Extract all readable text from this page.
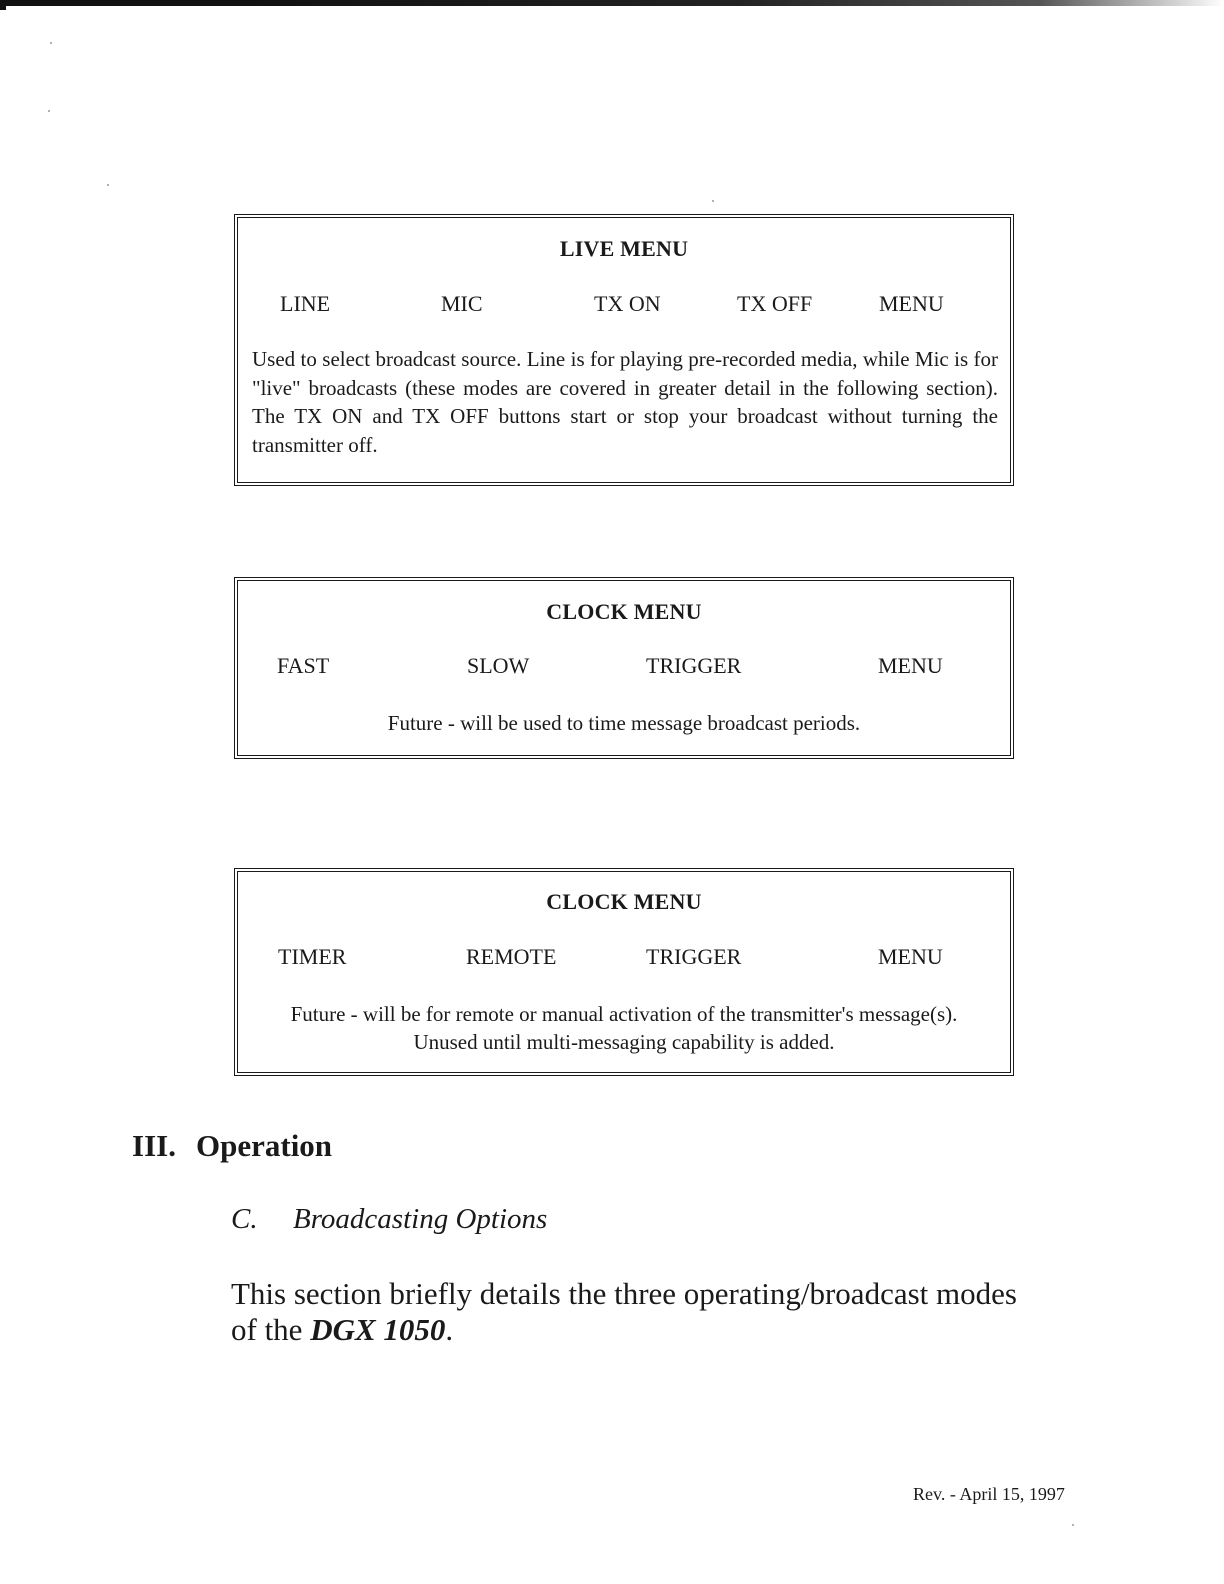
LIVE MENU
LINE	MIC	TX ON	TX OFF	MENU
Used to select broadcast source. Line is for playing pre-recorded media, while Mic is for "live" broadcasts (these modes are covered in greater detail in the following section). The TX ON and TX OFF buttons start or stop your broadcast without turning the transmitter off.
CLOCK MENU
FAST	SLOW	TRIGGER	MENU
Future - will be used to time message broadcast periods.
CLOCK MENU
TIMER	REMOTE	TRIGGER	MENU
Future - will be for remote or manual activation of the transmitter's message(s).
Unused until multi-messaging capability is added.
III. Operation
C. Broadcasting Options
This section briefly details the three operating/broadcast modes of the DGX 1050.
Rev. - April 15, 1997
